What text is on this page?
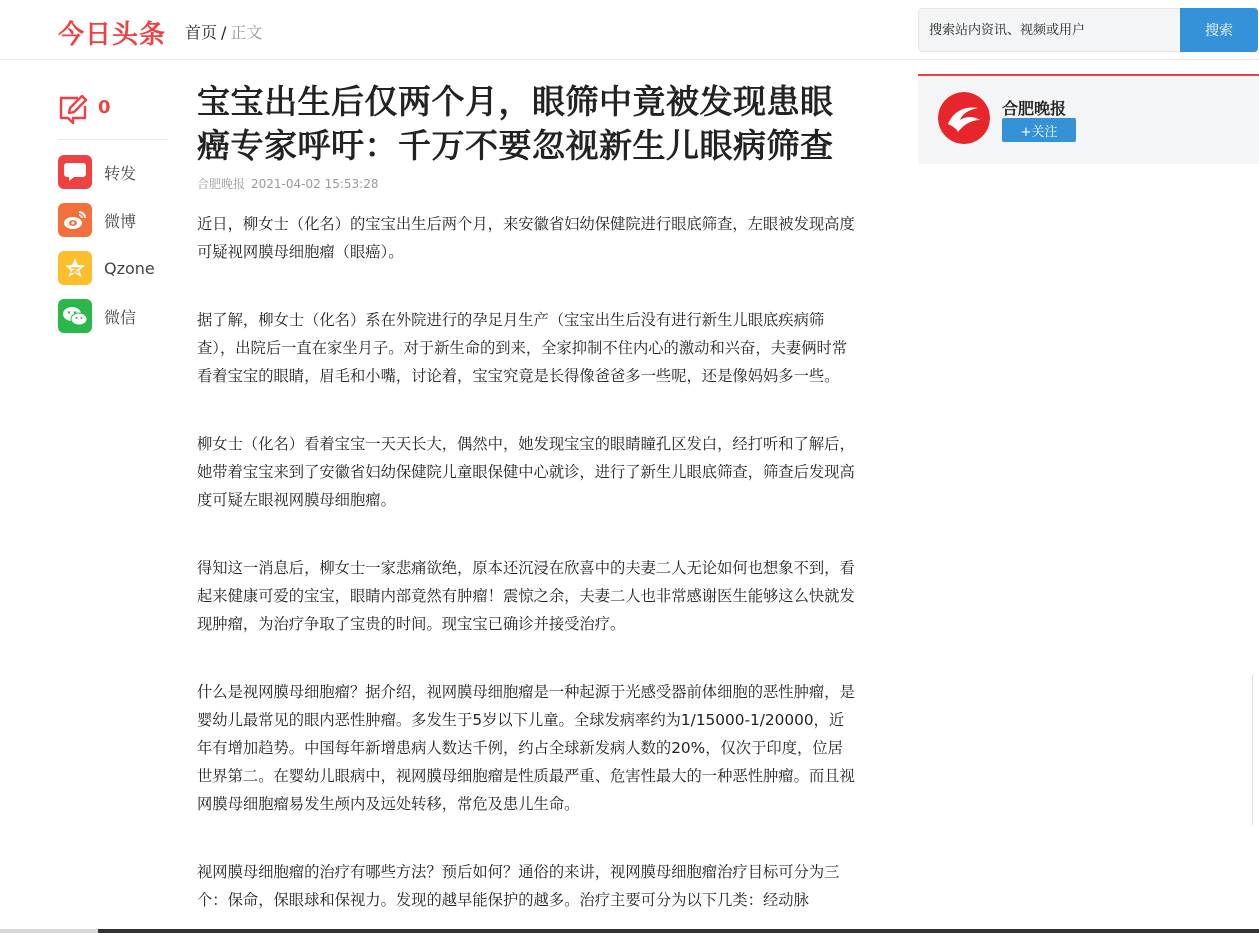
今日头条 首页 / 正文
搜索站内资讯、视频或用户	搜索
0
转发
微博
Qzone
微信
宝宝出生后仅两个月，眼筛中竟被发现患眼癌专家呼吁：千万不要忽视新生儿眼病筛查
合肥晚报 2021-04-02 15:53:28

近日，柳女士（化名）的宝宝出生后两个月，来安徽省妇幼保健院进行眼底筛查，左眼被发现高度可疑视网膜母细胞瘤（眼癌）。

据了解，柳女士（化名）系在外院进行的孕足月生产（宝宝出生后没有进行新生儿眼底疾病筛查），出院后一直在家坐月子。对于新生命的到来，全家抑制不住内心的激动和兴奋，夫妻俩时常看着宝宝的眼睛，眉毛和小嘴，讨论着，宝宝究竟是长得像爸爸多一些呢，还是像妈妈多一些。

柳女士（化名）看着宝宝一天天长大，偶然中，她发现宝宝的眼睛瞳孔区发白，经打听和了解后，她带着宝宝来到了安徽省妇幼保健院儿童眼保健中心就诊，进行了新生儿眼底筛查，筛查后发现高度可疑左眼视网膜母细胞瘤。

得知这一消息后，柳女士一家悲痛欲绝，原本还沉浸在欣喜中的夫妻二人无论如何也想象不到，看起来健康可爱的宝宝，眼睛内部竟然有肿瘤！震惊之余，夫妻二人也非常感谢医生能够这么快就发现肿瘤，为治疗争取了宝贵的时间。现宝宝已确诊并接受治疗。

什么是视网膜母细胞瘤？据介绍，视网膜母细胞瘤是一种起源于光感受器前体细胞的恶性肿瘤，是婴幼儿最常见的眼内恶性肿瘤。多发生于5岁以下儿童。全球发病率约为1/15000-1/20000，近年有增加趋势。中国每年新增患病人数达千例，约占全球新发病人数的20%，仅次于印度，位居世界第二。在婴幼儿眼病中，视网膜母细胞瘤是性质最严重、危害性最大的一种恶性肿瘤。而且视网膜母细胞瘤易发生颅内及远处转移，常危及患儿生命。

视网膜母细胞瘤的治疗有哪些方法？预后如何？通俗的来讲，视网膜母细胞瘤治疗目标可分为三个：保命，保眼球和保视力。发现的越早能保护的越多。治疗主要可分为以下几类：经动脉

合肥晚报
+关注
